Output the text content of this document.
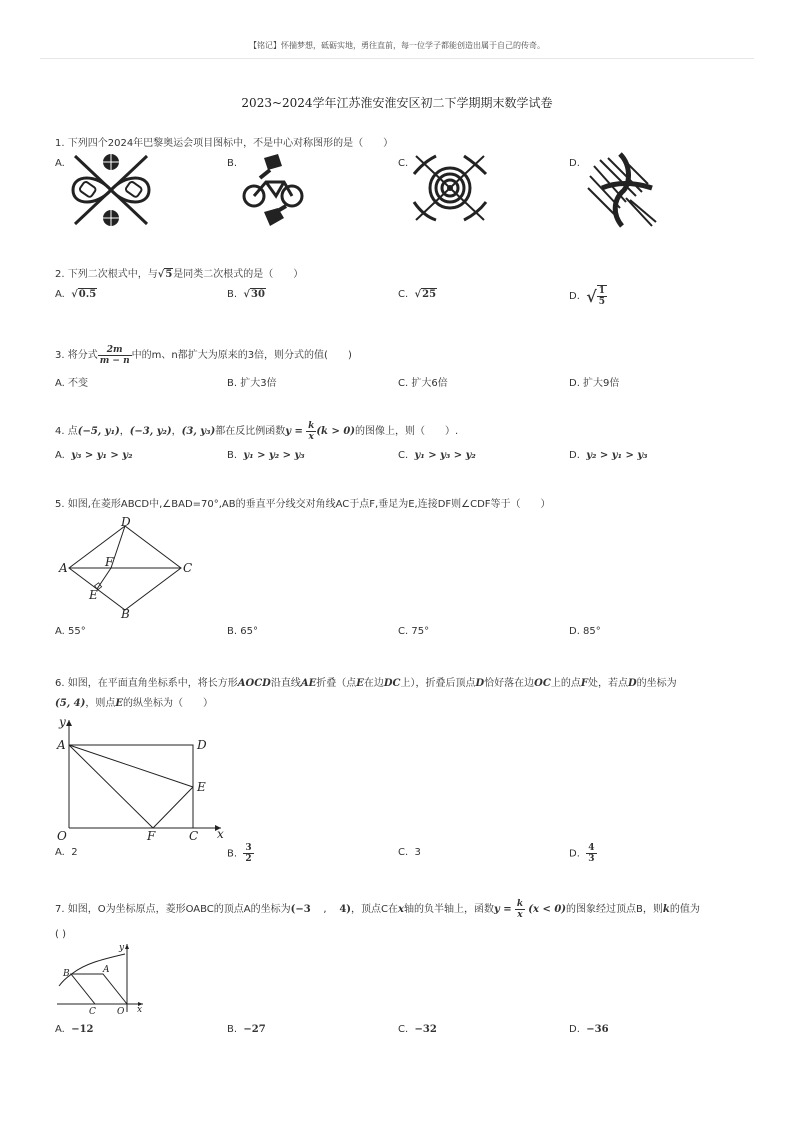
【铭记】怀揣梦想，砥砺实地，勇往直前，每一位学子都能创造出属于自己的传奇。
2023~2024学年江苏淮安淮安区初二下学期期末数学试卷
1. 下列四个2024年巴黎奥运会项目图标中，不是中心对称图形的是（　　）
A.	B.	C.	D.
2. 下列二次根式中，与√5是同类二次根式的是（　　）
A. √0.5	B. √30	C. √25	D. √ $\frac{1}{5}$
3. 将分式 $\frac{2m}{m - n}$ 中的m、n都扩大为原来的3倍，则分式的值(　　)
A. 不变	B. 扩大3倍	C. 扩大6倍	D. 扩大9倍
4. 点(−5, y₁)，(−3, y₂)，(3, y₃)都在反比例函数$y = \frac{k}{x} (k > 0)$的图像上，则（　　）.
A. y₃ > y₁ > y₂	B. y₁ > y₂ > y₃	C. y₁ > y₃ > y₂	D. y₂ > y₁ > y₃
5. 如图,在菱形ABCD中,∠BAD=70°,AB的垂直平分线交对角线AC于点F,垂足为E,连接DF则∠CDF等于（　　）
A
B
C
D
E
F
A. 55°	B. 65°	C. 75°	D. 85°
6. 如图，在平面直角坐标系中，将长方形AOCD沿直线AE折叠（点E在边DC上），折叠后顶点D恰好落在边OC上的点F处，若点D的坐标为
(5, 4)，则点E的纵坐标为（　　）
y
A	D
E
O	F	C x
A. 2	B. $\frac{3}{2}$	C. 3	D. $\frac{4}{3}$
7. 如图，O为坐标原点，菱形OABC的顶点A的坐标为(−3    ,    4)，顶点C在x轴的负半轴上，函数$y = \frac{k}{x} (x < 0)$的图象经过顶点B，则k的值为
( )
y
B	A
C O x
A. −12	B. −27	C. −32	D. −36
